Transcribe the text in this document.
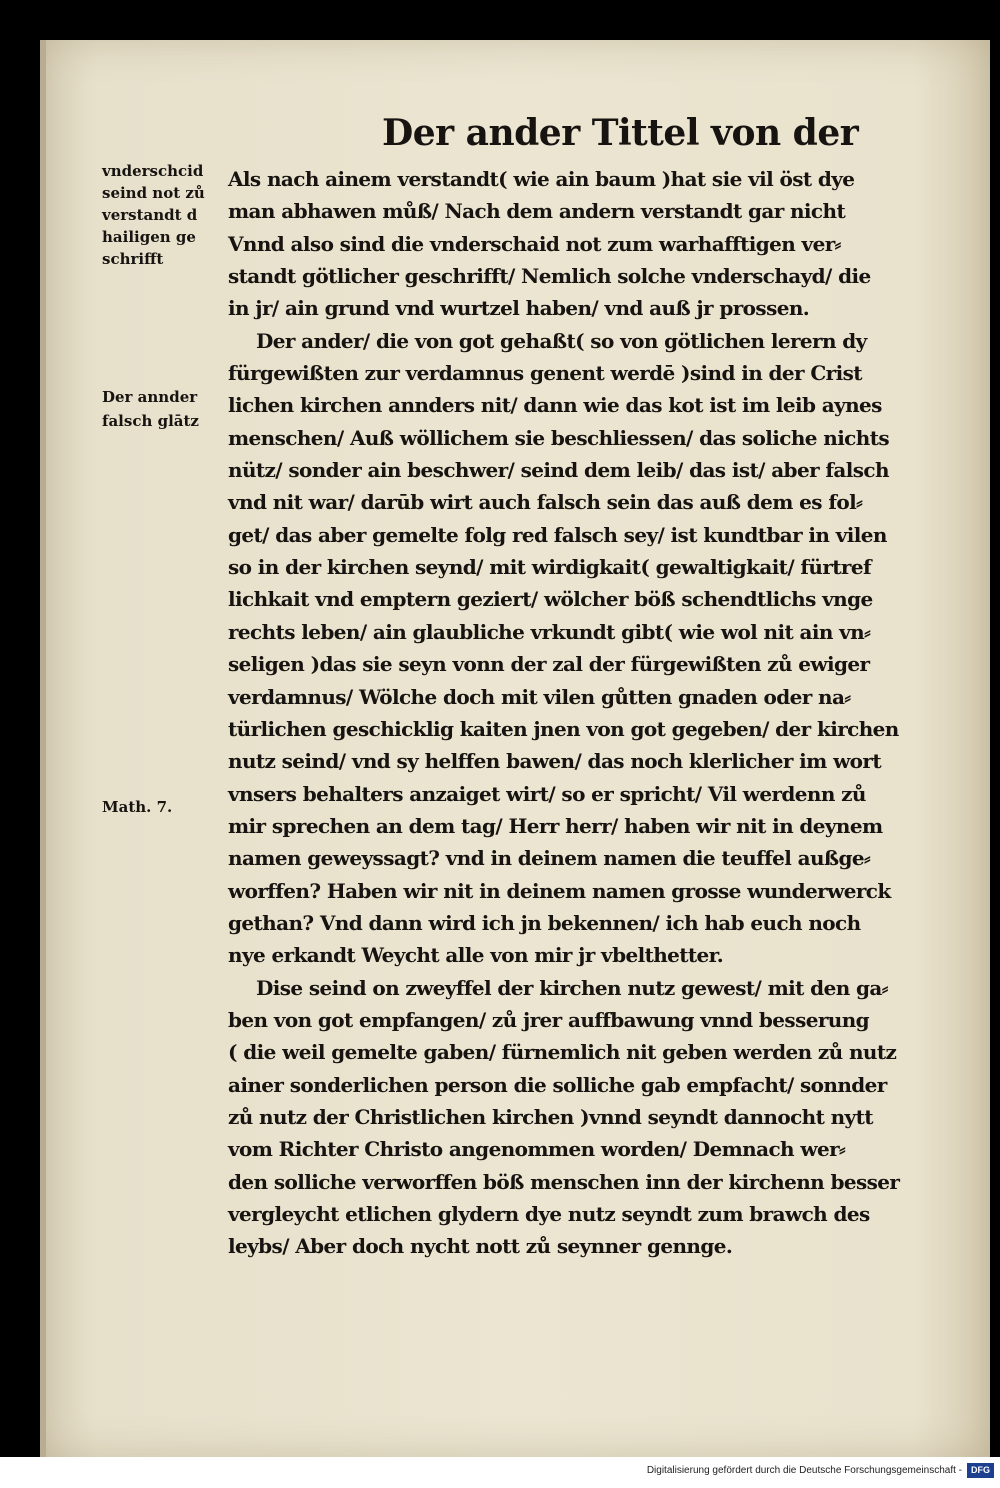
Der ander Tittel von der
vnderschcid
seind not zů
verstandt d
hailigen ge
schrifft
Der annder
falsch glātz
Math. 7.
Als nach ainem verstandt( wie ain baum )hat sie vil öst dye
man abhawen můß/ Nach dem andern verstandt gar nicht
Vnnd also sind die vnderschaid not zum warhafftigen ver⸗
standt götlicher geschrifft/ Nemlich solche vnderschayd/ die
in jr/ ain grund vnd wurtzel haben/ vnd auß jr prossen.
Der ander/ die von got gehaßt( so von götlichen lerern dy
fürgewißten zur verdamnus genent werdē )sind in der Crist
lichen kirchen annders nit/ dann wie das kot ist im leib aynes
menschen/ Auß wöllichem sie beschliessen/ das soliche nichts
nütz/ sonder ain beschwer/ seind dem leib/ das ist/ aber falsch
vnd nit war/ darūb wirt auch falsch sein das auß dem es fol⸗
get/ das aber gemelte folg red falsch sey/ ist kundtbar in vilen
so in der kirchen seynd/ mit wirdigkait( gewaltigkait/ fürtref
lichkait vnd emptern geziert/ wölcher böß schendtlichs vnge
rechts leben/ ain glaubliche vrkundt gibt( wie wol nit ain vn⸗
seligen )das sie seyn vonn der zal der fürgewißten zů ewiger
verdamnus/ Wölche doch mit vilen gůtten gnaden oder na⸗
türlichen geschicklig kaiten jnen von got gegeben/ der kirchen
nutz seind/ vnd sy helffen bawen/ das noch klerlicher im wort
vnsers behalters anzaiget wirt/ so er spricht/ Vil werdenn zů
mir sprechen an dem tag/ Herr herr/ haben wir nit in deynem
namen geweyssagt? vnd in deinem namen die teuffel außge⸗
worffen? Haben wir nit in deinem namen grosse wunderwerck
gethan? Vnd dann wird ich jn bekennen/ ich hab euch noch
nye erkandt Weycht alle von mir jr vbelthetter.
Dise seind on zweyffel der kirchen nutz gewest/ mit den ga⸗
ben von got empfangen/ zů jrer auffbawung vnnd besserung
( die weil gemelte gaben/ fürnemlich nit geben werden zů nutz
ainer sonderlichen person die solliche gab empfacht/ sonnder
zů nutz der Christlichen kirchen )vnnd seyndt dannocht nytt
vom Richter Christo angenommen worden/ Demnach wer⸗
den solliche verworffen böß menschen inn der kirchenn besser
vergleycht etlichen glydern dye nutz seyndt zum brawch des
leybs/ Aber doch nycht nott zů seynner gennge.
Digitalisierung gefördert durch die Deutsche Forschungsgemeinschaft -	DFG
